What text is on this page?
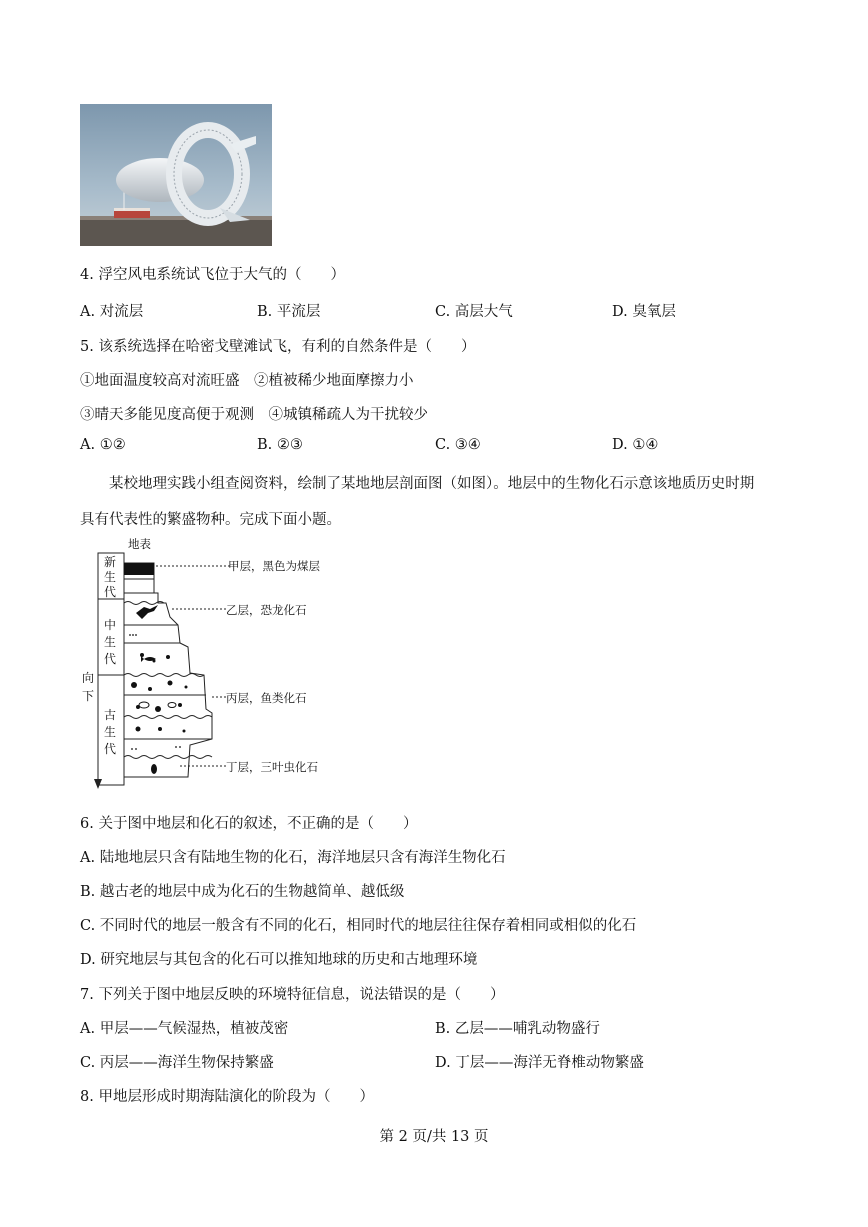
4. 浮空风电系统试飞位于大气的（　　）
A. 对流层	B. 平流层	C. 高层大气	D. 臭氧层
5. 该系统选择在哈密戈壁滩试飞，有利的自然条件是（　　）
①地面温度较高对流旺盛　②植被稀少地面摩擦力小
③晴天多能见度高便于观测　④城镇稀疏人为干扰较少
A. ①②	B. ②③	C. ③④	D. ①④
某校地理实践小组查阅资料，绘制了某地地层剖面图（如图）。地层中的生物化石示意该地质历史时期
具有代表性的繁盛物种。完成下面小题。
地表
新生代
中生代
古生代
向下
甲层，黑色为煤层
乙层，恐龙化石
丙层，鱼类化石
丁层，三叶虫化石
6. 关于图中地层和化石的叙述，不正确的是（　　）
A. 陆地地层只含有陆地生物的化石，海洋地层只含有海洋生物化石
B. 越古老的地层中成为化石的生物越简单、越低级
C. 不同时代的地层一般含有不同的化石，相同时代的地层往往保存着相同或相似的化石
D. 研究地层与其包含的化石可以推知地球的历史和古地理环境
7. 下列关于图中地层反映的环境特征信息，说法错误的是（　　）
A. 甲层——气候湿热，植被茂密	B. 乙层——哺乳动物盛行
C. 丙层——海洋生物保持繁盛	D. 丁层——海洋无脊椎动物繁盛
8. 甲地层形成时期海陆演化的阶段为（　　）
第 2 页/共 13 页
